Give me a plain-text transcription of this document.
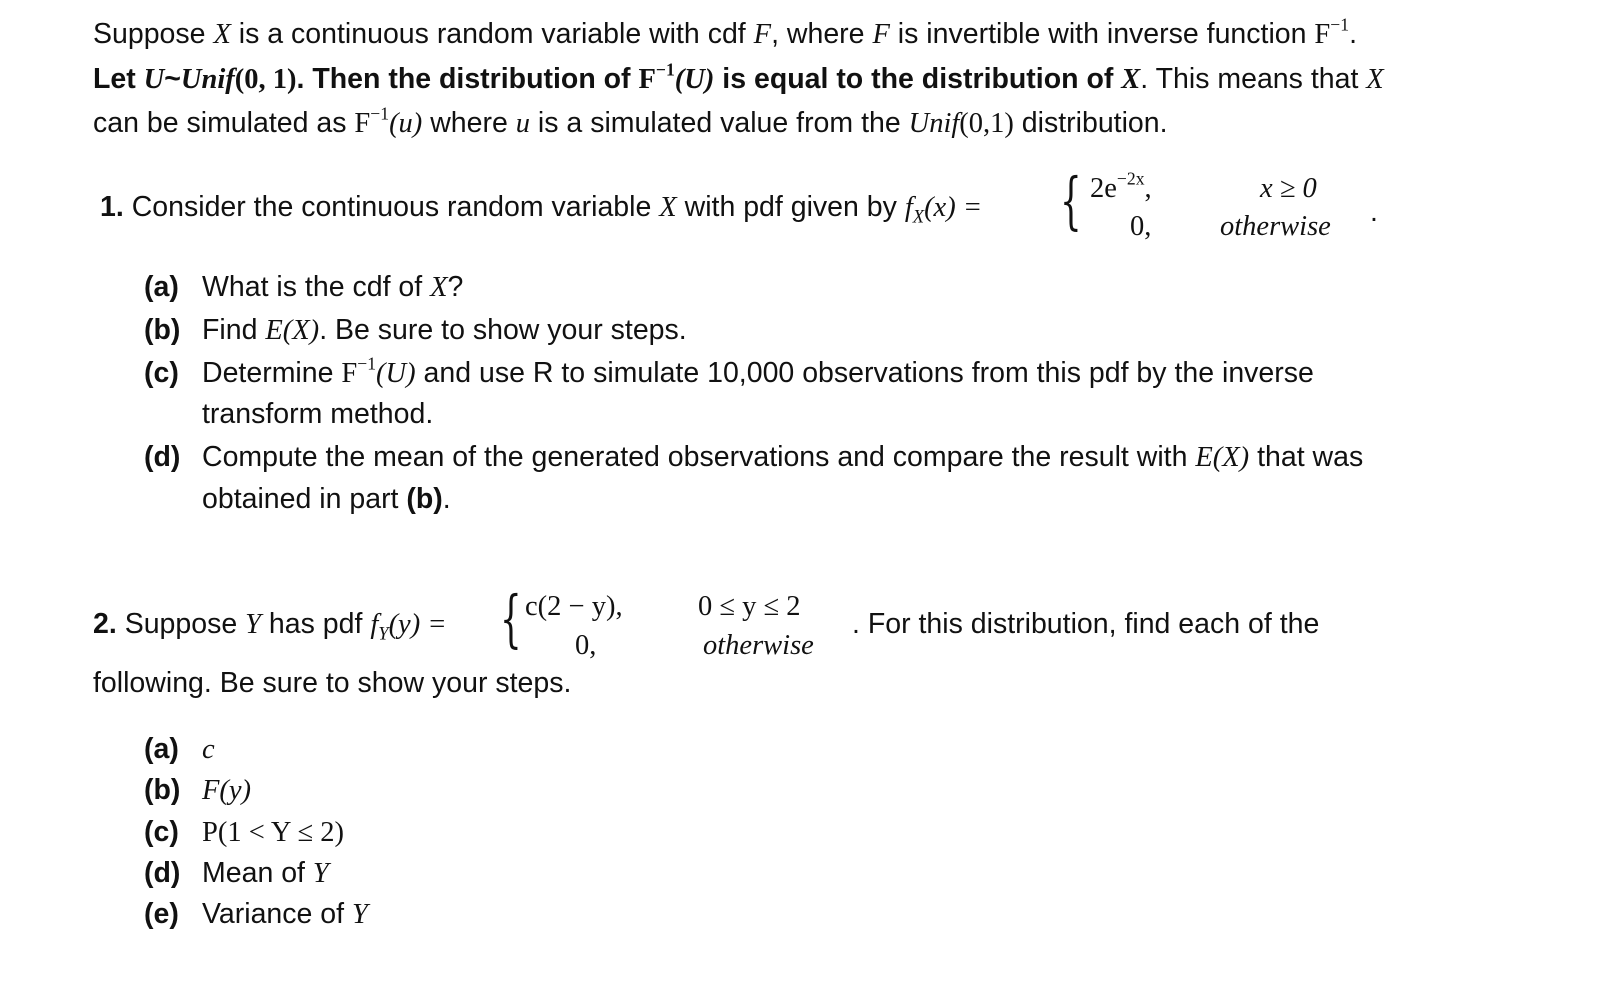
Suppose X is a continuous random variable with cdf F, where F is invertible with inverse function $F^{-1}$.
Let U~Unif(0, 1). Then the distribution of $F^{-1}(U)$ is equal to the distribution of X. This means that X
can be simulated as $F^{-1}(u)$ where u is a simulated value from the Unif(0,1) distribution.
1. Consider the continuous random variable X with pdf given by $f_X(x)$ = { $2e^{-2x}$,	x ≥ 0
0, otherwise .
(a) What is the cdf of X?
(b) Find E(X). Be sure to show your steps.
(c) Determine $F^{-1}(U)$ and use R to simulate 10,000 observations from this pdf by the inverse
transform method.
(d) Compute the mean of the generated observations and compare the result with E(X) that was
obtained in part (b).
2. Suppose Y has pdf $f_Y(y)$ = { c(2 − y),	0 ≤ y ≤ 2
0,	otherwise
. For this distribution, find each of the
following. Be sure to show your steps.
(a) c
(b) F(y)
(c) P(1 < Y ≤ 2)
(d) Mean of Y
(e) Variance of Y
